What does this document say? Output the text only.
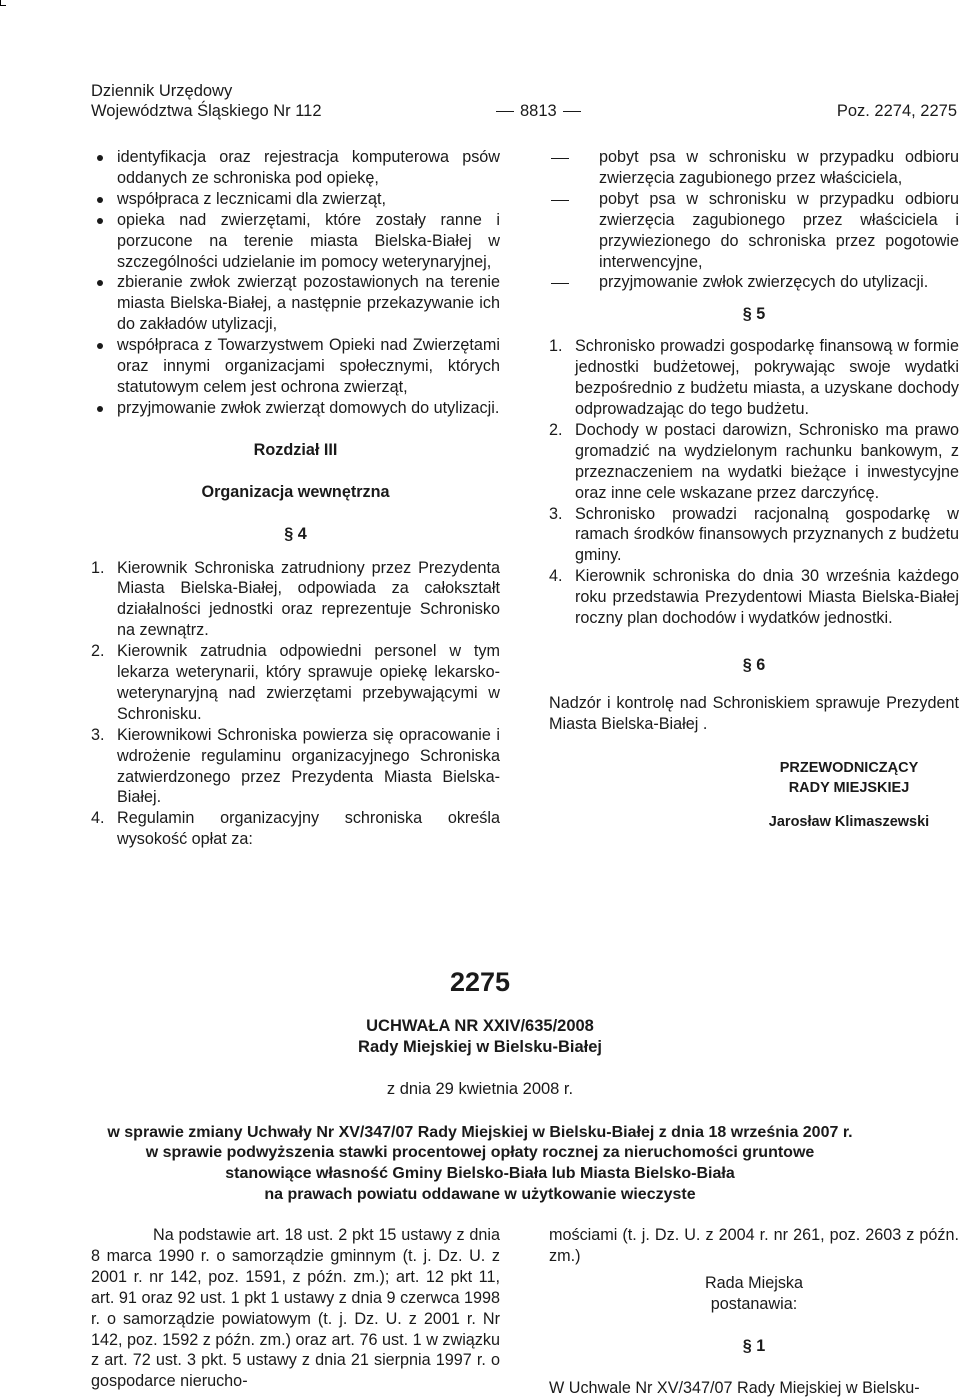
Dziennik Urzędowy
Województwa Śląskiego Nr 112	8813	Poz. 2274, 2275
identyfikacja oraz rejestracja komputerowa psów oddanych ze schroniska pod opiekę,
współpraca z lecznicami dla zwierząt,
opieka nad zwierzętami, które zostały ranne i porzucone na terenie miasta Bielska-Białej w szczególności udzielanie im pomocy weterynaryjnej,
zbieranie zwłok zwierząt pozostawionych na terenie miasta Bielska-Białej, a następnie przekazywanie ich do zakładów utylizacji,
współpraca z Towarzystwem Opieki nad Zwierzętami oraz innymi organizacjami społecznymi, których statutowym celem jest ochrona zwierząt,
przyjmowanie zwłok zwierząt domowych do utylizacji.
Rozdział III
Organizacja wewnętrzna
§ 4
1. Kierownik Schroniska zatrudniony przez Prezydenta Miasta Bielska-Białej, odpowiada za całokształt działalności jednostki oraz reprezentuje Schronisko na zewnątrz.
2. Kierownik zatrudnia odpowiedni personel w tym lekarza weterynarii, który sprawuje opiekę lekarsko-weterynaryjną nad zwierzętami przebywającymi w Schronisku.
3. Kierownikowi Schroniska powierza się opracowanie i wdrożenie regulaminu organizacyjnego Schroniska zatwierdzonego przez Prezydenta Miasta Bielska-Białej.
4. Regulamin organizacyjny schroniska określa wysokość opłat za:
pobyt psa w schronisku w przypadku odbioru zwierzęcia zagubionego przez właściciela,
pobyt psa w schronisku w przypadku odbioru zwierzęcia zagubionego przez właściciela i przywiezionego do schroniska przez pogotowie interwencyjne,
przyjmowanie zwłok zwierzęcych do utylizacji.
§ 5
1. Schronisko prowadzi gospodarkę finansową w formie jednostki budżetowej, pokrywając swoje wydatki bezpośrednio z budżetu miasta, a uzyskane dochody odprowadzając do tego budżetu.
2. Dochody w postaci darowizn, Schronisko ma prawo gromadzić na wydzielonym rachunku bankowym, z przeznaczeniem na wydatki bieżące i inwestycyjne oraz inne cele wskazane przez darczyńcę.
3. Schronisko prowadzi racjonalną gospodarkę w ramach środków finansowych przyznanych z budżetu gminy.
4. Kierownik schroniska do dnia 30 września każdego roku przedstawia Prezydentowi Miasta Bielska-Białej roczny plan dochodów i wydatków jednostki.
§ 6

Nadzór i kontrolę nad Schroniskiem sprawuje Prezydent Miasta Bielska-Białej .

PRZEWODNICZĄCY
RADY MIEJSKIEJ
Jarosław Klimaszewski
2275
UCHWAŁA NR XXIV/635/2008
Rady Miejskiej w Bielsku-Białej
z dnia 29 kwietnia 2008 r.
w sprawie zmiany Uchwały Nr XV/347/07 Rady Miejskiej w Bielsku-Białej z dnia 18 września 2007 r.
w sprawie podwyższenia stawki procentowej opłaty rocznej za nieruchomości gruntowe
stanowiące własność Gminy Bielsko-Biała lub Miasta Bielsko-Biała
na prawach powiatu oddawane w użytkowanie wieczyste

Na podstawie art. 18 ust. 2 pkt 15 ustawy z dnia 8 marca 1990 r. o samorządzie gminnym (t. j. Dz. U. z 2001 r. nr 142, poz. 1591, z późn. zm.); art. 12 pkt 11, art. 91 oraz 92 ust. 1 pkt 1 ustawy z dnia 9 czerwca 1998 r. o samorządzie powiatowym (t. j. Dz. U. z 2001 r. Nr 142, poz. 1592 z późn. zm.) oraz art. 76 ust. 1 w związku z art. 72 ust. 3 pkt. 5 ustawy z dnia 21 sierpnia 1997 r. o gospodarce nierucho-

mościami (t. j. Dz. U. z 2004 r. nr 261, poz. 2603 z późn. zm.)

Rada Miejska
postanawia:
§ 1

W Uchwale Nr XV/347/07 Rady Miejskiej w Bielsku-
